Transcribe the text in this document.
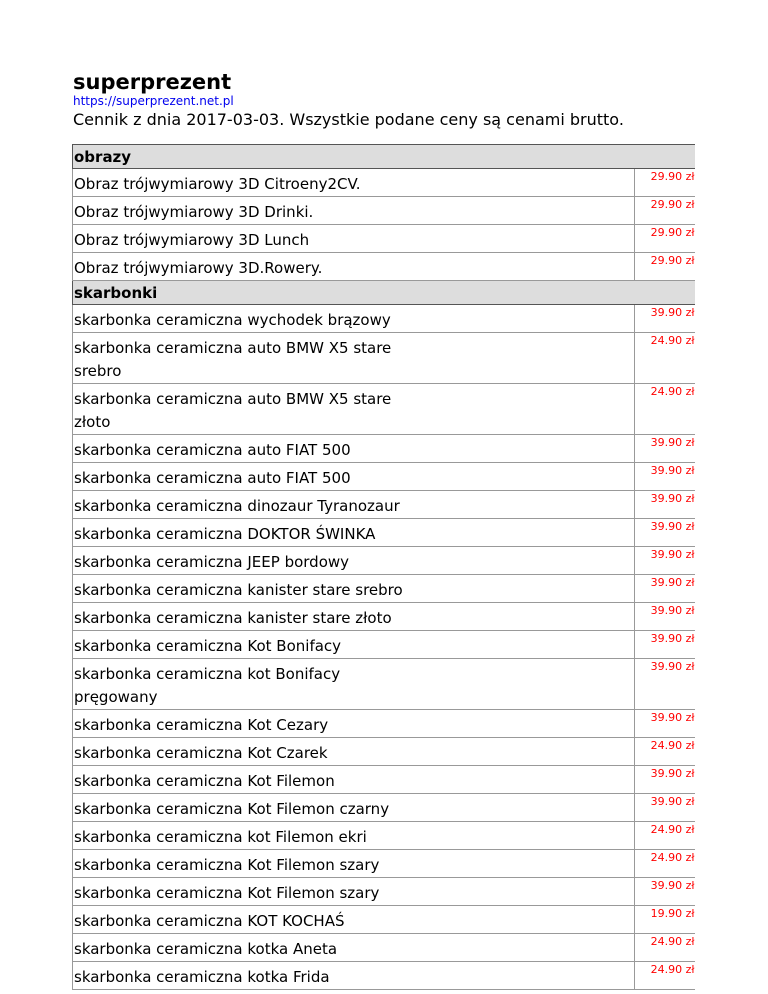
superprezent
https://superprezent.net.pl
Cennik z dnia 2017-03-03. Wszystkie podane ceny są cenami brutto.
obrazy		
Obraz trójwymiarowy 3D Citroeny2CV.		29.90 zł
Obraz trójwymiarowy 3D Drinki.		29.90 zł
Obraz trójwymiarowy 3D Lunch		29.90 zł
Obraz trójwymiarowy 3D.Rowery.		29.90 zł
skarbonki		
skarbonka ceramiczna wychodek brązowy		39.90 zł
skarbonka ceramiczna auto BMW X5 stare srebro		24.90 zł
skarbonka ceramiczna auto BMW X5 stare złoto		24.90 zł
skarbonka ceramiczna auto FIAT 500		39.90 zł
skarbonka ceramiczna auto FIAT 500		39.90 zł
skarbonka ceramiczna dinozaur Tyranozaur		39.90 zł
skarbonka ceramiczna DOKTOR ŚWINKA		39.90 zł
skarbonka ceramiczna JEEP bordowy		39.90 zł
skarbonka ceramiczna kanister stare srebro		39.90 zł
skarbonka ceramiczna kanister stare złoto		39.90 zł
skarbonka ceramiczna Kot Bonifacy		39.90 zł
skarbonka ceramiczna kot Bonifacy pręgowany		39.90 zł
skarbonka ceramiczna Kot Cezary		39.90 zł
skarbonka ceramiczna Kot Czarek		24.90 zł
skarbonka ceramiczna Kot Filemon		39.90 zł
skarbonka ceramiczna Kot Filemon czarny		39.90 zł
skarbonka ceramiczna kot Filemon ekri		24.90 zł
skarbonka ceramiczna Kot Filemon szary		24.90 zł
skarbonka ceramiczna Kot Filemon szary		39.90 zł
skarbonka ceramiczna KOT KOCHAŚ		19.90 zł
skarbonka ceramiczna kotka Aneta		24.90 zł
skarbonka ceramiczna kotka Frida		24.90 zł
